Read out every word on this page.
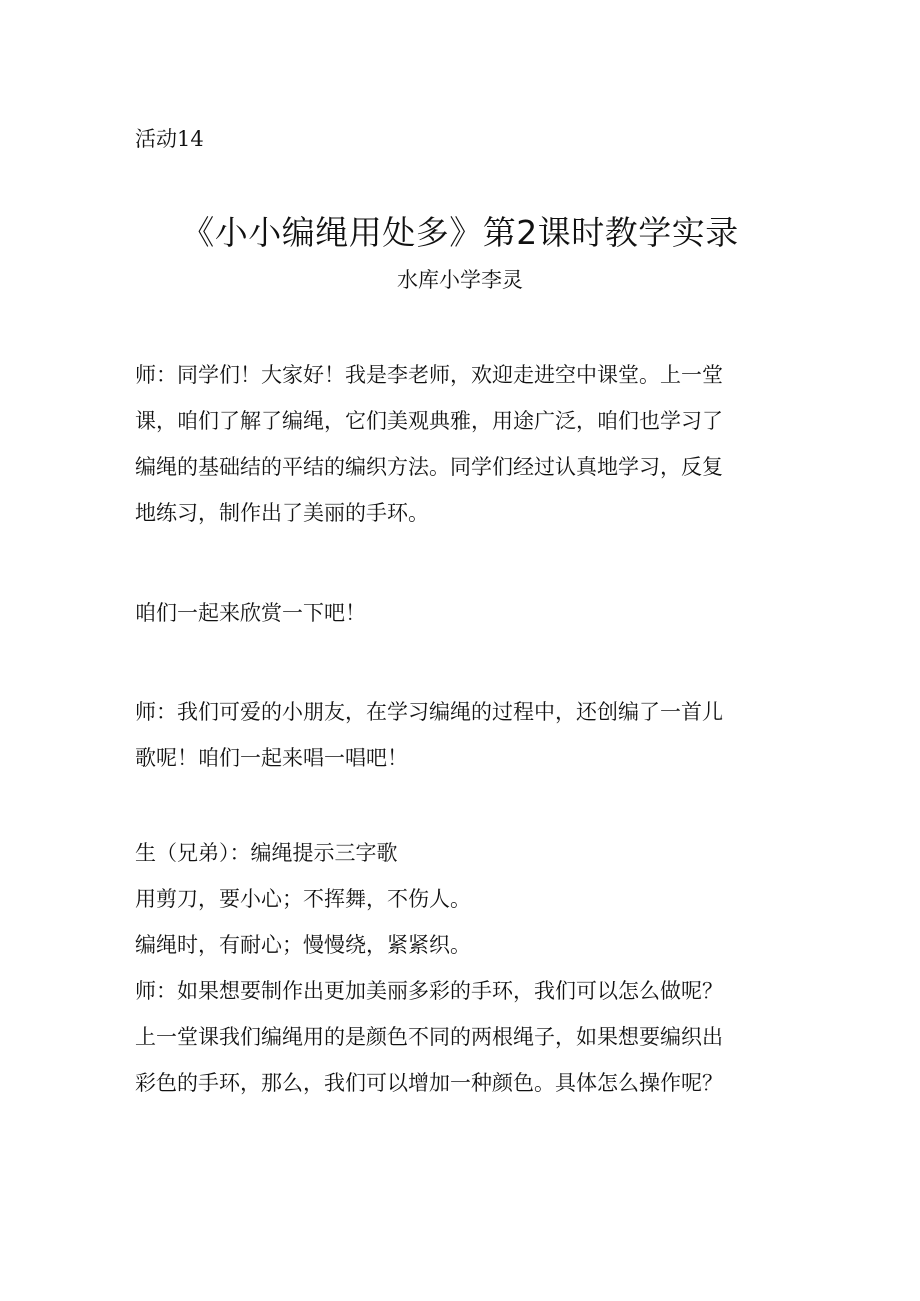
活动14
《小小编绳用处多》第2课时教学实录
水库小学李灵
师：同学们！大家好！我是李老师，欢迎走进空中课堂。上一堂
课，咱们了解了编绳，它们美观典雅，用途广泛，咱们也学习了
编绳的基础结的平结的编织方法。同学们经过认真地学习，反复
地练习，制作出了美丽的手环。
咱们一起来欣赏一下吧！
师：我们可爱的小朋友，在学习编绳的过程中，还创编了一首儿
歌呢！咱们一起来唱一唱吧！
生（兄弟）：编绳提示三字歌
用剪刀，要小心；不挥舞，不伤人。
编绳时，有耐心；慢慢绕，紧紧织。
师：如果想要制作出更加美丽多彩的手环，我们可以怎么做呢？
上一堂课我们编绳用的是颜色不同的两根绳子，如果想要编织出
彩色的手环，那么，我们可以增加一种颜色。具体怎么操作呢？
